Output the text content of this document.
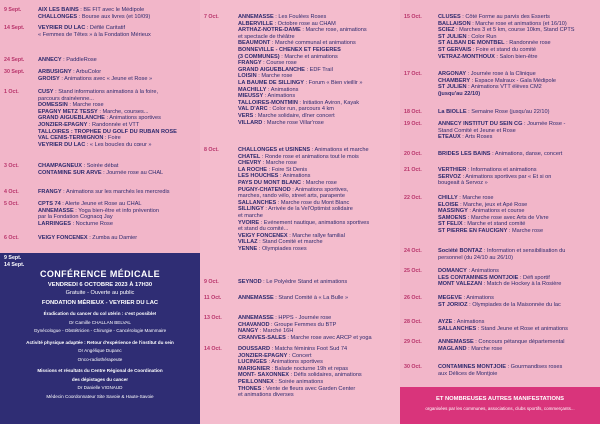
9 Sept.	AIX LES BAINS : BE FIT avec le Médipole
CHALLONGES : Bourse aux livres (et 10/09)
14 Sept.	VEYRIER DU LAC : Défilé Caritatif
« Femmes de Têtes » à la Fondation Mérieux
24 Sept.	ANNECY : PaddleRose
30 Sept.	ARBUSIGNY : ArbuColor
GROISY : Animations avec « Jeune et Rose »
1 Oct.	CUSY : Stand informations animations à la foire,
parcours drainéenne...
DOMESSIN : Marche rose
EPAGNY METZ TESSY : Marche, courses...
GRAND AIGUEBLANCHE : Animations sportives
JONZIER-EPAGNY : Randonnée et VTT
TALLOIRES : TROPHÉE DU GOLF DU RUBAN ROSE
VAL CENIS-TERMIGNON : Foire
VEYRIER DU LAC : « Les boucles du cœur »
3 Oct.	CHAMPAGNEUX : Soirée débat
CONTAMINE SUR ARVE : Journée rose au CHAL
4 Oct.	FRANGY : Animations sur les marchés les mercredis
5 Oct.	CPTS 74 : Alerte Jeune et Rose au CHAL
ANNEMASSE : Yoga bien-être et info prévention
par la Fondation Cognacq Jay
LARRINGES : Nocturne Rose
6 Oct.	VEIGY FONCENEX : Zumba au Damier
7 Oct.	ANNEMASSE : Les Foulées Roses
ALBERVILLE : Octobre rose au CHAM
ARTHAZ-NOTRE-DAME : Marche rose, animations
et spectacle de théâtre
BEAUMONT : Marché communal et animations
BONNEVILLE - CHENEX ET FEIGERES
(3 COMMUNES) : Marche et animations
FRANGY : Course rose
GRAND AIGUEBLANCHE : EDF Trail
LOISIN : Marche rose
LA BAUME DE SILLINGY : Forum « Bien vieillir »
MACHILLY : Animations
MIEUSSY : Animations
TALLOIRES-MONTMIN : Initiation Aviron, Kayak
VAL D'ARC : Color run, parcours 4 km
VERS : Marche solidaire, dîner concert
VILLARD : Marche rose Villar'rose
8 Oct.	CHALLONGES et USINENS : Animations et marche
CHATEL : Ronde rose et animations tout le mois
CHEVRY : Marche rose
LA ROCHE : Foire St Denis
LES HOUCHES : Animations
PAYS DU MONT BLANC : Marche rose
PUGNY-CHATENOD : Animations sportives,
marches, rando vélo, street arts, parapente
SALLANCHES : Marche rose du Mont Blanc
SILLINGY : Arrivée de la Vel'Optimist solidaire
et marche
YVOIRE : Événement nautique, animations sportives
et stand du comité...
VEIGY FONCENEX : Marche rallye familial
VILLAZ : Stand Comité et marche
YENNE : Olympiades roses
9 Oct.	SEYNOD : Le Polyèdre Stand et animations
11 Oct.	ANNEMASSE : Stand Comité à « La Bulle »
13 Oct.	ANNEMASSE : HPPS - Journée rose
CHAVANOD : Groupe Femmes du BTP
NANGY : Marché 16H
CRANVES-SALES : Marche rose avec ARCP et yoga
14 Oct.	DOUSSARD : Matchs féminins Foot Sud 74
JONZIER-EPAGNY : Concert
LUCINGES : Animations sportives
MARIGNIER : Balade nocturne 19h et repas
MONT- SAXONNEX : Défis solidaires, animations
PEILLONNEX : Soirée animations
THONES : Vente de fleurs avec Garden Center
et animations diverses
15 Oct.	CLUSES : Côté Forme au parvis des Esserts
BALLAISON : Marche rose et animations (et 16/10)
SCIEZ : Marches 3 et 5 km, course 10km, Stand CPTS
ST JULIEN : Color Run
ST ALBAN DE MONTBEL : Randonnée rose
ST GERVAIS : Foire et stand du comité
VETRAZ-MONTHOUX : Salon bien-être
17 Oct.	ARGONAY : Journée rose à la Clinique
CHAMBERY : Espace Malraux - Gala Médipole
ST JULIEN : Animations VTT élèves CM2
(jusqu'au 22/10)
18 Oct.	La BIOLLE : Semaine Rose (jusqu'au 22/10)
19 Oct.	ANNECY INSTITUT DU SEIN CG : Journée Rose -
Stand Comité et Jeune et Rose
ETEAUX : Arts Roses
20 Oct.	BRIDES LES BAINS : Animations, danse, concert
21 Oct.	VERTHIER : Informations et animations
SERVOZ : Animations sportives par « Et si on
bougeait à Servoz »
22 Oct.	CHILLY : Marche rose
ELOISE : Marche, jeux et Apé Rose
MASSINGY : Animations et course
SAMOENS : Marche rose avec Arts de Vivre
ST FELIX : Marche et stand comité
ST PIERRE EN FAUCIGNY : Marche rose
24 Oct.	Société BONTAZ : Information et sensibilisation du
personnel (du 24/10 au 26/10)
25 Oct.	DOMANCY : Animations
LES CONTAMINES MONTJOIE : Défi sportif
MONT VALEZAN : Match de Hockey à la Rosière
26 Oct.	MEGEVE : Animations
ST JORIOZ : Olympiades de la Maisonnée du lac
28 Oct.	AYZE : Animations
SALLANCHES : Stand Jeune et Rose et animations
29 Oct.	ANNEMASSE : Concours pétanque départemental
MAGLAND : Marche rose
30 Oct.	CONTAMINES MONTJOIE : Gourmandises roses
aux Délices de Montjoie
9 Sept.
14 Sept.
CONFÉRENCE MÉDICALE
VENDREDI 6 OCTOBRE 2023 À 17H30
Gratuite - Ouverte au public
FONDATION MÉRIEUX - VEYRIER DU LAC
Éradication du cancer du col utérin : c'est possible!
Dr Camille CHALLAN BELVAL
Gynécologue - Obstétricien - Chirurgie - Cancérologie Mammaire
Activité physique adaptée : Retour d'expérience de l'institut du sein
Dr Angélique Dupanc
Onco-radiothérapeute
Missions et résultats du Centre Régional de Coordination
des dépistages du cancer
Dr Danielle VIGNAUD
Médecin Coordonnateur Site Savoie & Haute-Savoie	ET NOMBREUSES AUTRES MANIFESTATIONS
organisées par les communes, associations, clubs sportifs, commerçants...
